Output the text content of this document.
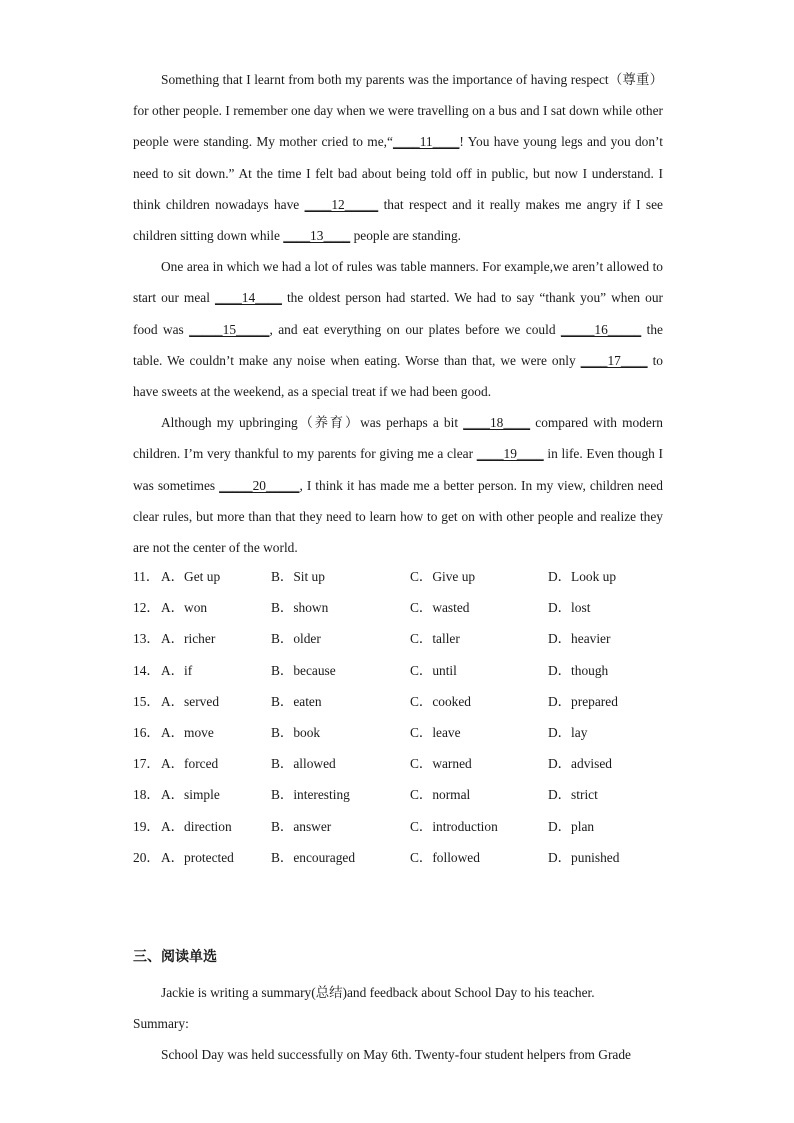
Something that I learnt from both my parents was the importance of having respect（尊重）for other people. I remember one day when we were travelling on a bus and I sat down while other people were standing. My mother cried to me,“____11____! You have young legs and you don’t need to sit down.” At the time I felt bad about being told off in public, but now I understand. I think children nowadays have ____12_____ that respect and it really makes me angry if I see children sitting down while ____13____ people are standing.

One area in which we had a lot of rules was table manners. For example,we aren’t allowed to start our meal ____14____ the oldest person had started. We had to say “thank you” when our food was _____15_____, and eat everything on our plates before we could _____16_____ the table. We couldn’t make any noise when eating. Worse than that, we were only ____17____ to have sweets at the weekend, as a special treat if we had been good.

Although my upbringing（养育）was perhaps a bit ____18____ compared with modern children. I’m very thankful to my parents for giving me a clear ____19____ in life. Even though I was sometimes _____20_____, I think it has made me a better person. In my view, children need clear rules, but more than that they need to learn how to get on with other people and realize they are not the center of the world.

11． A．Get up	B．Sit up	C．Give up	D．Look up
12． A．won	B．shown	C．wasted	D．lost
13． A．richer	B．older	C．taller	D．heavier
14． A．if	B．because	C．until	D．though
15． A．served	B．eaten	C．cooked	D．prepared
16． A．move	B．book	C．leave	D．lay
17． A．forced	B．allowed	C．warned	D．advised
18． A．simple	B．interesting	C．normal	D．strict
19． A．direction	B．answer	C．introduction	D．plan
20． A．protected	B．encouraged	C．followed	D．punished
三、阅读单选

Jackie is writing a summary(总结)and feedback about School Day to his teacher.

Summary:

School Day was held successfully on May 6th. Twenty-four student helpers from Grade
